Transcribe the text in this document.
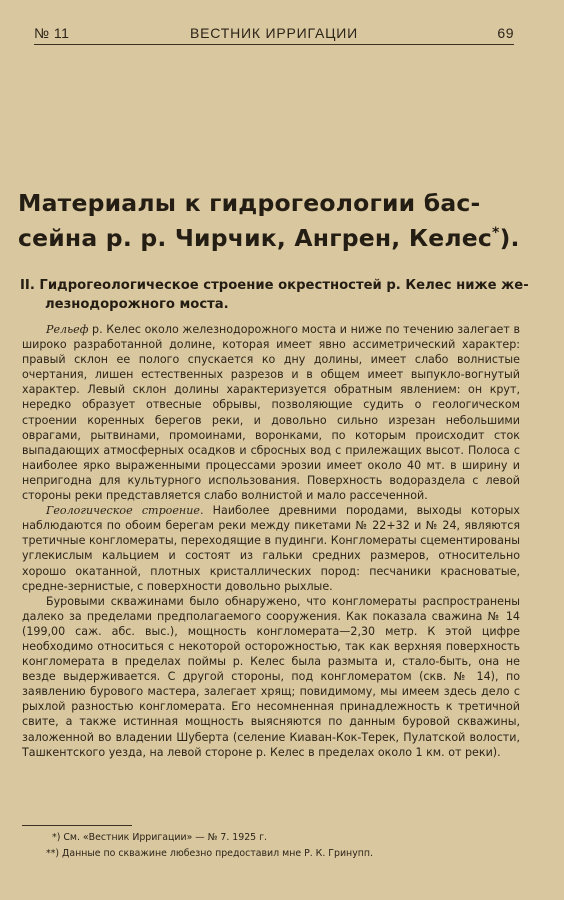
№ 11	ВЕСТНИК ИРРИГАЦИИ	69
Материалы к гидрогеологии бас-
сейна р. р. Чирчик, Ангрен, Келес*).
II. Гидрогеологическое строение окрестностей р. Келес ниже же-
лезнодорожного моста.

Рельеф р. Келес около железнодорожного моста и ниже по течению залегает в широко разработанной долине, которая имеет явно ассиметрический характер: правый склон ее полого спускается ко дну долины, имеет слабо волнистые очертания, лишен естественных разрезов и в общем имеет выпукло-вогнутый характер. Левый склон долины характеризуется обратным явлением: он крут, нередко образует отвесные обрывы, позволяющие судить о геологическом строении коренных берегов реки, и довольно сильно изрезан небольшими оврагами, рытвинами, промоинами, воронками, по которым происходит сток выпадающих атмосферных осадков и сбросных вод с прилежащих высот. Полоса с наиболее ярко выраженными процессами эрозии имеет около 40 мт. в ширину и непригодна для культурного использования. Поверхность водораздела с левой стороны реки представляется слабо волнистой и мало рассеченной.

Геологическое строение. Наиболее древними породами, выходы которых наблюдаются по обоим берегам реки между пикетами № 22+32 и № 24, являются третичные конгломераты, переходящие в пудинги. Конгломераты сцементированы углекислым кальцием и состоят из гальки средних размеров, относительно хорошо окатанной, плотных кристаллических пород: песчаники красноватые, средне-зернистые, с поверхности довольно рыхлые.

Буровыми скважинами было обнаружено, что конгломераты распространены далеко за пределами предполагаемого сооружения. Как показала сважина № 14 (199,00 саж. абс. выс.), мощность конгломерата—2,30 метр. К этой цифре необходимо относиться с некоторой осторожностью, так как верхняя поверхность конгломерата в пределах поймы р. Келес была размыта и, стало-быть, она не везде выдерживается. С другой стороны, под конгломератом (скв. № 14), по заявлению бурового мастера, залегает хрящ; повидимому, мы имеем здесь дело с рыхлой разностью конгломерата. Его несомненная принадлежность к третичной свите, а также истинная мощность выясняются по данным буровой скважины, заложенной во владении Шуберта (селение Киаван-Кок-Терек, Пулатской волости, Ташкентского уезда, на левой стороне р. Келес в пределах около 1 км. от реки).

*) См. «Вестник Ирригации» — № 7. 1925 г.
**) Данные по скважине любезно предоставил мне Р. К. Гринупп.
